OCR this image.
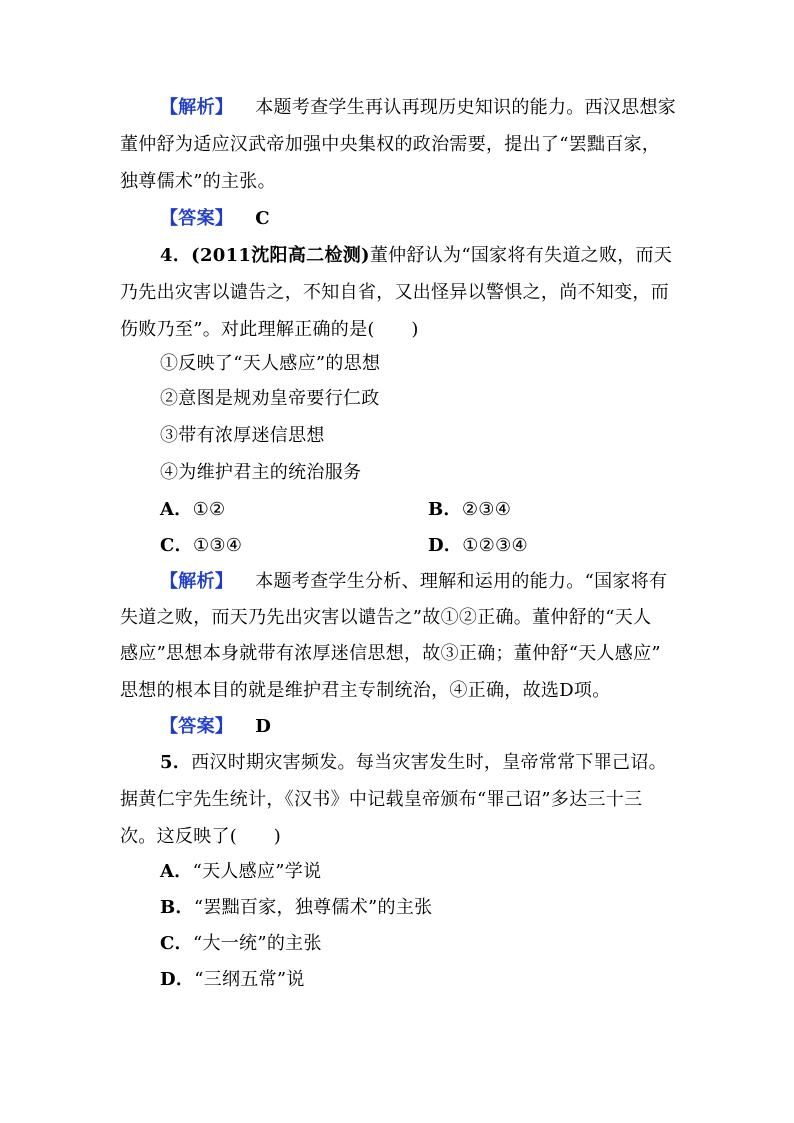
【解析】 本题考查学生再认再现历史知识的能力。西汉思想家
董仲舒为适应汉武帝加强中央集权的政治需要，提出了“罢黜百家，
独尊儒术”的主张。
【答案】 C
4．(2011沈阳高二检测)董仲舒认为“国家将有失道之败，而天
乃先出灾害以谴告之，不知自省，又出怪异以警惧之，尚不知变，而
伤败乃至”。对此理解正确的是(　　)
①反映了“天人感应”的思想
②意图是规劝皇帝要行仁政
③带有浓厚迷信思想
④为维护君主的统治服务
A．①②	B．②③④
C．①③④	D．①②③④
【解析】 本题考查学生分析、理解和运用的能力。“国家将有
失道之败，而天乃先出灾害以谴告之”故①②正确。董仲舒的“天人
感应”思想本身就带有浓厚迷信思想，故③正确；董仲舒“天人感应”
思想的根本目的就是维护君主专制统治，④正确，故选D项。
【答案】 D
5．西汉时期灾害频发。每当灾害发生时，皇帝常常下罪己诏。
据黄仁宇先生统计，《汉书》中记载皇帝颁布“罪己诏”多达三十三
次。这反映了(　　)
A．“天人感应”学说
B．“罢黜百家，独尊儒术”的主张
C．“大一统”的主张
D．“三纲五常”说
